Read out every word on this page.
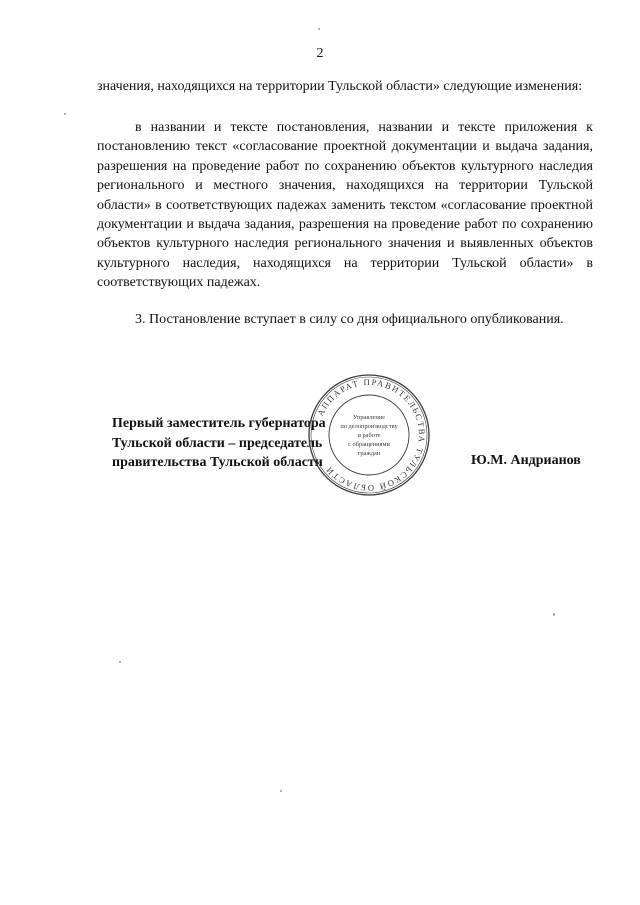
2

значения, находящихся на территории Тульской области» следующие изменения:

в названии и тексте постановления, названии и тексте приложения к постановлению текст «согласование проектной документации и выдача задания, разрешения на проведение работ по сохранению объектов культурного наследия регионального и местного значения, находящихся на территории Тульской области» в соответствующих падежах заменить текстом «согласование проектной документации и выдача задания, разрешения на проведение работ по сохранению объектов культурного наследия регионального значения и выявленных объектов культурного наследия, находящихся на территории Тульской области» в соответствующих падежах.

3. Постановление вступает в силу со дня официального опубликования.

Первый заместитель губернатора
Тульской области – председатель
правительства Тульской области
АППАРАТ ПРАВИТЕЛЬСТВА ТУЛЬСКОЙ ОБЛАСТИ
Управление
по делопроизводству
и работе
с обращениями
граждан	Ю.М. Андрианов
